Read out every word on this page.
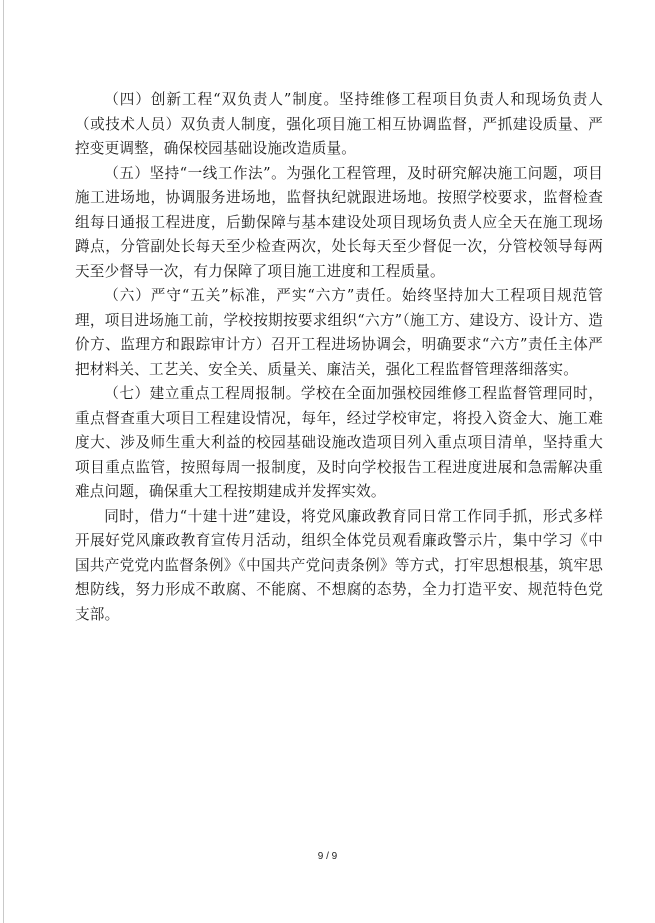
（四）创新工程“双负责人”制度。坚持维修工程项目负责人和现场负责人（或技术人员）双负责人制度，强化项目施工相互协调监督，严抓建设质量、严控变更调整，确保校园基础设施改造质量。

（五）坚持“一线工作法”。为强化工程管理，及时研究解决施工问题，项目施工进场地，协调服务进场地，监督执纪就跟进场地。按照学校要求，监督检查组每日通报工程进度，后勤保障与基本建设处项目现场负责人应全天在施工现场蹲点，分管副处长每天至少检查两次，处长每天至少督促一次，分管校领导每两天至少督导一次，有力保障了项目施工进度和工程质量。

（六）严守“五关”标准，严实“六方”责任。始终坚持加大工程项目规范管理，项目进场施工前，学校按期按要求组织“六方”（施工方、建设方、设计方、造价方、监理方和跟踪审计方）召开工程进场协调会，明确要求“六方”责任主体严把材料关、工艺关、安全关、质量关、廉洁关，强化工程监督管理落细落实。

（七）建立重点工程周报制。学校在全面加强校园维修工程监督管理同时，重点督查重大项目工程建设情况，每年，经过学校审定，将投入资金大、施工难度大、涉及师生重大利益的校园基础设施改造项目列入重点项目清单，坚持重大项目重点监管，按照每周一报制度，及时向学校报告工程进度进展和急需解决重难点问题，确保重大工程按期建成并发挥实效。

同时，借力“十建十进”建设，将党风廉政教育同日常工作同手抓，形式多样开展好党风廉政教育宣传月活动，组织全体党员观看廉政警示片，集中学习《中国共产党党内监督条例》《中国共产党问责条例》等方式，打牢思想根基，筑牢思想防线，努力形成不敢腐、不能腐、不想腐的态势，全力打造平安、规范特色党支部。

9 / 9
